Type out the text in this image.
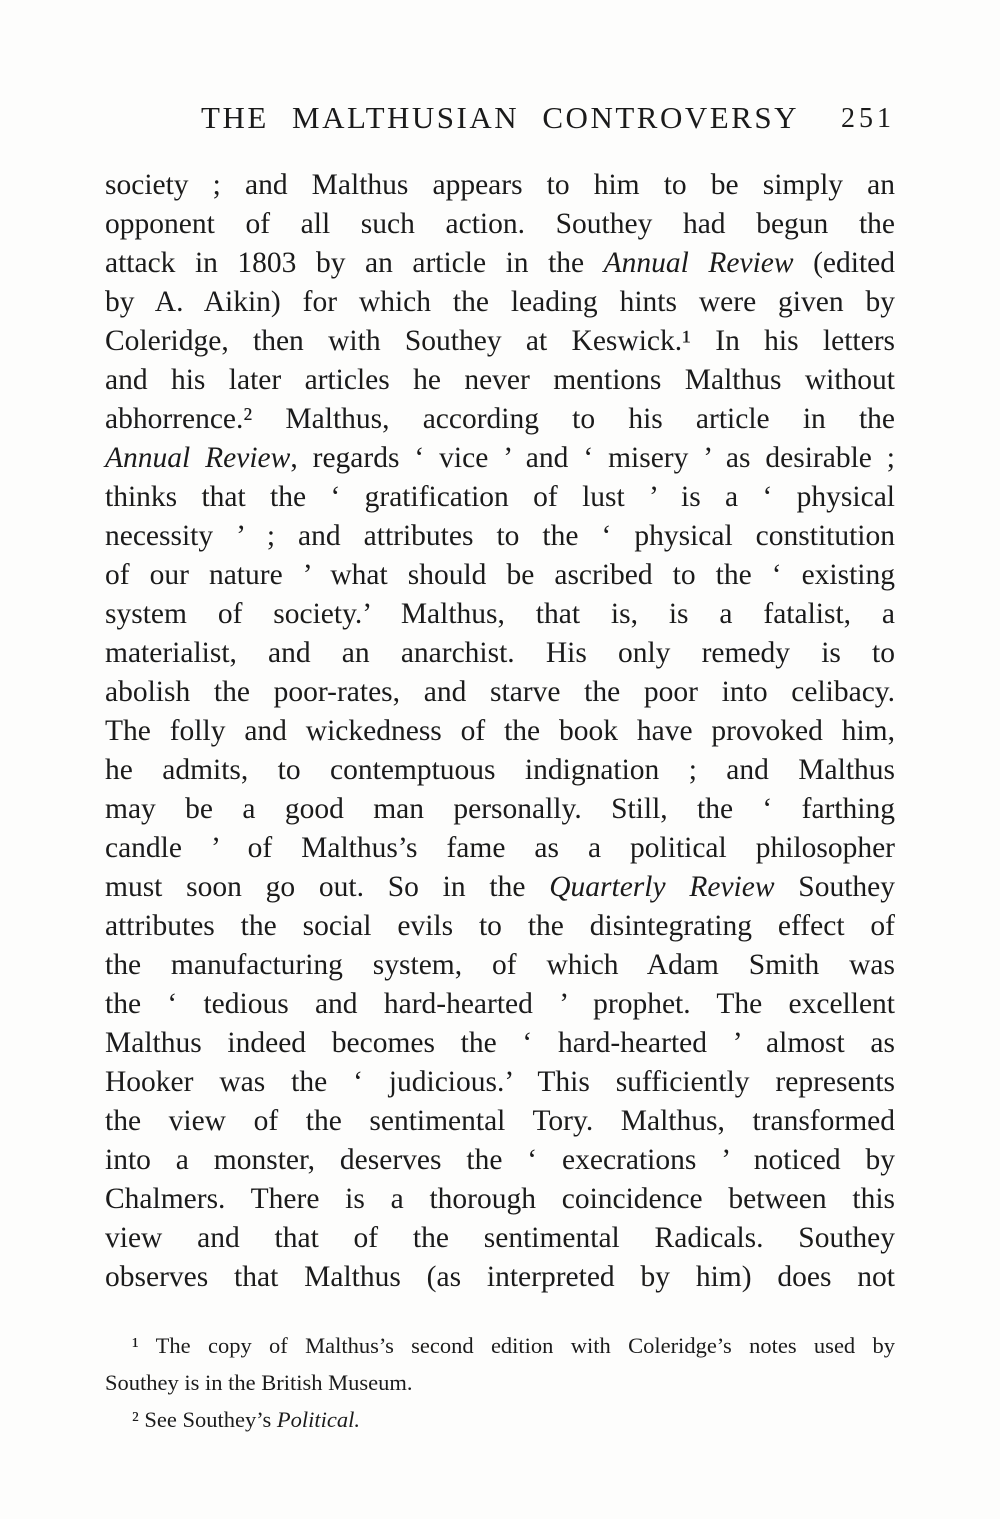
THE MALTHUSIAN CONTROVERSY	251
society ; and Malthus appears to him to be simply an
opponent of all such action. Southey had begun the
attack in 1803 by an article in the Annual Review (edited
by A. Aikin) for which the leading hints were given by
Coleridge, then with Southey at Keswick.¹ In his letters
and his later articles he never mentions Malthus without
abhorrence.² Malthus, according to his article in the
Annual Review, regards ‘ vice ’ and ‘ misery ’ as desirable ;
thinks that the ‘ gratification of lust ’ is a ‘ physical
necessity ’ ; and attributes to the ‘ physical constitution
of our nature ’ what should be ascribed to the ‘ existing
system of society.’ Malthus, that is, is a fatalist, a
materialist, and an anarchist. His only remedy is to
abolish the poor-rates, and starve the poor into celibacy.
The folly and wickedness of the book have provoked him,
he admits, to contemptuous indignation ; and Malthus
may be a good man personally. Still, the ‘ farthing
candle ’ of Malthus’s fame as a political philosopher
must soon go out. So in the Quarterly Review Southey
attributes the social evils to the disintegrating effect of
the manufacturing system, of which Adam Smith was
the ‘ tedious and hard-hearted ’ prophet. The excellent
Malthus indeed becomes the ‘ hard-hearted ’ almost as
Hooker was the ‘ judicious.’ This sufficiently represents
the view of the sentimental Tory. Malthus, transformed
into a monster, deserves the ‘ execrations ’ noticed by
Chalmers. There is a thorough coincidence between this
view and that of the sentimental Radicals. Southey
observes that Malthus (as interpreted by him) does not
¹ The copy of Malthus’s second edition with Coleridge’s notes used by
Southey is in the British Museum.
² See Southey’s Political.
